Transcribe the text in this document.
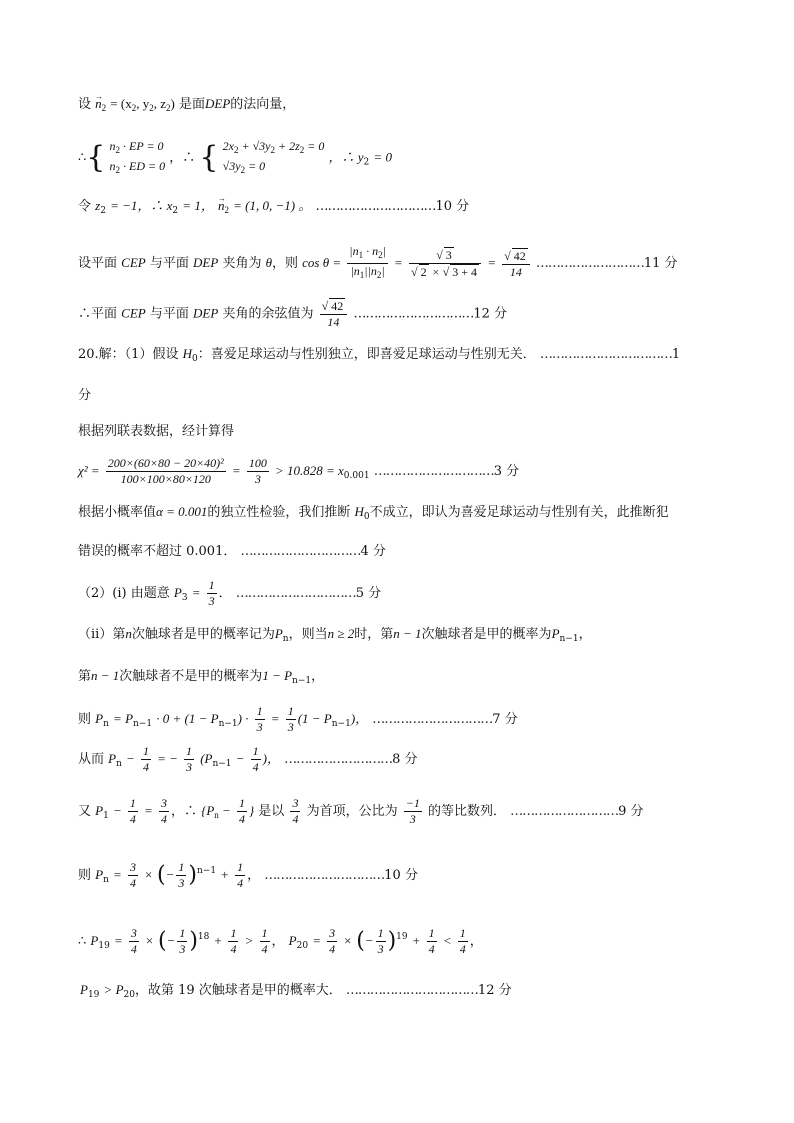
设 → $n_2 = (x_2$, $y_2$, $z_2$) 是面DEP的法向量，
∴{ $n_2$ · EP = 0
$n_2$ · ED = 0
，∴ { $2x_2 + √3y_2 + 2z_2 = 0$
$√3y_2 = 0$
，∴ $y_2 = 0$
令 $z_2 = -1$，∴ $x_2 = 1$， → $n_2 = (1$, 0, −1) 。 …………………………10 分
设平面 CEP 与平面 DEP 夹角为 θ，则 $\cos \theta = \frac{|n_1 \cdot n_2|}{|n_1||n_2|}$ = √ 3
√ 2 × √ 3 + 4 = √ $\frac{42}{14}$ ………………………11 分
∴平面 CEP 与平面 DEP 夹角的余弦值为 √ $\frac{42}{14}$ …………………………12 分
20.解：（1）假设 $H_0$：喜爱足球运动与性别独立，即喜爱足球运动与性别无关． ……………………………1
分
根据列联表数据，经计算得
$\chi^2 = \frac{\text{200×(60×80 − 20×40)²}}{100\times 100\times 80\times 120} = \frac{100}{3} > 10.828 = x_{0.001}$ …………………………3 分
根据小概率值α = 0.001的独立性检验，我们推断 $H_0$不成立，即认为喜爱足球运动与性别有关，此推断犯
错误的概率不超过 0.001． …………………………4 分
（2）(i) 由题意 $P_3 = \frac{1}{3}$ ． …………………………5 分
（ii）第n次触球者是甲的概率记为$P_n$，则当n ≥ 2时，第n − 1次触球者是甲的概率为$P_{n-1}$，
第n − 1次触球者不是甲的概率为$1 - P_{n-1}$，
则 $P_n = P_{n-1} \cdot 0 + (1 - P_{n-1}) \cdot \frac{1}{3} = \frac{1}{3} (1 - P_{n-1})$， …………………………7 分
从而 $P_n - \frac{1}{4}$ = − $\frac{1}{3} (P_{n-1} - \frac{1}{4}$ )， ………………………8 分
又 $P_1 - \frac{1}{4} = \frac{3}{4}$ ，∴ {$P_n - \frac{1}{4}$ } 是以 $\frac{3}{4}$ 为首项，公比为 $\frac{-1}{3}$ 的等比数列． ………………………9 分
则 $P_n = \frac{3}{4}$ × (− $\frac{1}{3} )^{n-1} + \frac{1}{4}$ ， …………………………10 分
∴ $P_{19} = \frac{3}{4}$ × (− $\frac{1}{3} )^{18} + \frac{1}{4} > \frac{1}{4}$ ， $P_{20} = \frac{3}{4}$ × (− $\frac{1}{3} )^{19} + \frac{1}{4} < \frac{1}{4}$ ，
$P_{19} > P_{20}$，故第 19 次触球者是甲的概率大． ……………………………12 分
